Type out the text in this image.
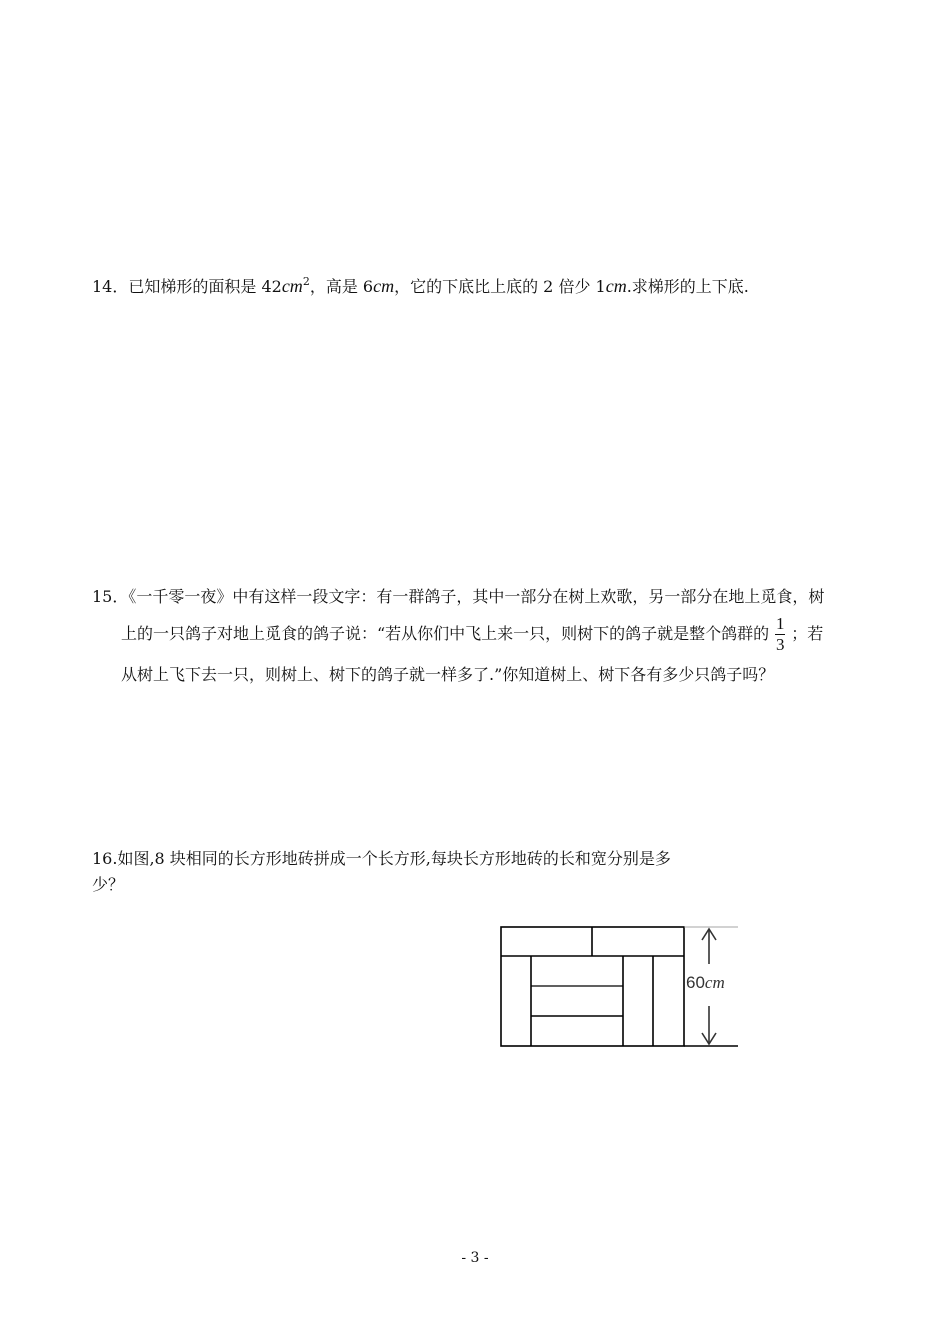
14．已知梯形的面积是 $42cm^2$，高是 6cm，它的下底比上底的 2 倍少 1cm.求梯形的上下底.
15．《一千零一夜》中有这样一段文字：有一群鸽子，其中一部分在树上欢歌，另一部分在地上觅食，树
上的一只鸽子对地上觅食的鸽子说：“若从你们中飞上来一只，则树下的鸽子就是整个鸽群的 $\frac{1}{3}$ ；若
从树上飞下去一只，则树上、树下的鸽子就一样多了.”你知道树上、树下各有多少只鸽子吗？
16.如图,8 块相同的长方形地砖拼成一个长方形,每块长方形地砖的长和宽分别是多
少？
60cm
- 3 -
